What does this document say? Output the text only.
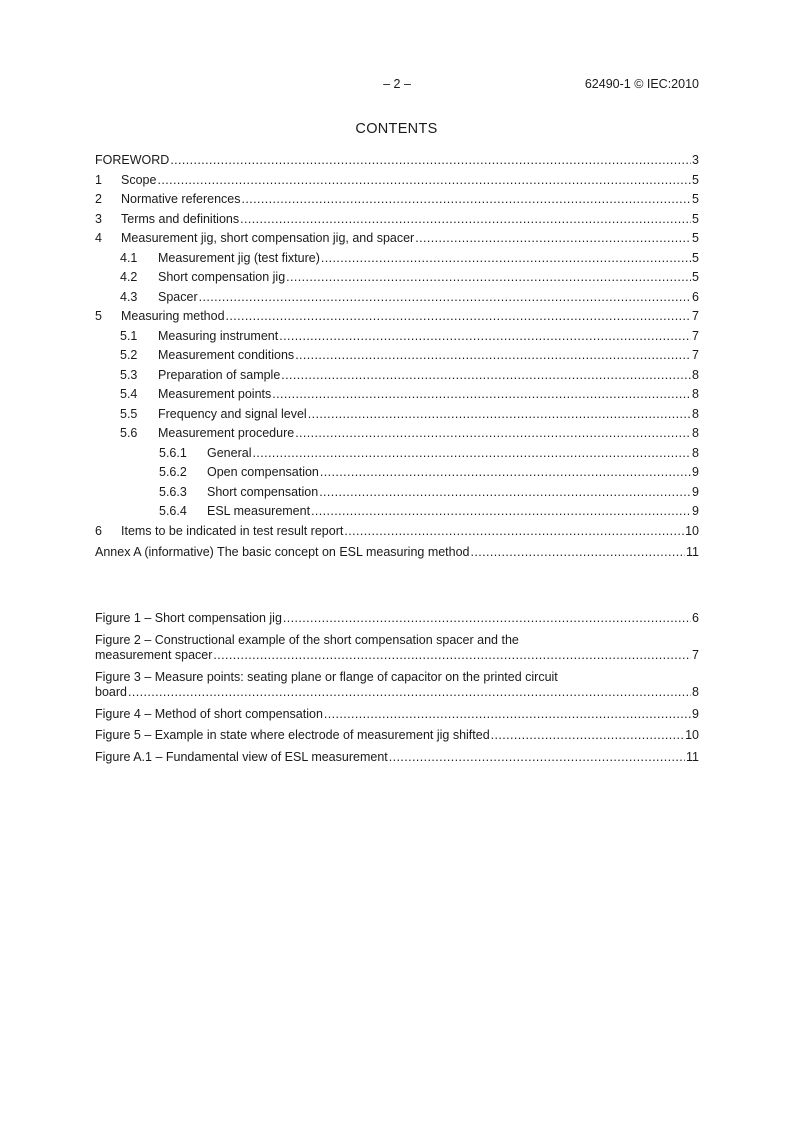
– 2 –	62490-1 © IEC:2010
CONTENTS
FOREWORD .....	3
1	Scope .....	5
2	Normative references .....	5
3	Terms and definitions .....	5
4	Measurement jig, short compensation jig, and spacer .....	5
4.1	Measurement jig (test fixture) .....	5
4.2	Short compensation jig .....	5
4.3	Spacer .....	6
5	Measuring method .....	7
5.1	Measuring instrument .....	7
5.2	Measurement conditions .....	7
5.3	Preparation of sample .....	8
5.4	Measurement points .....	8
5.5	Frequency and signal level .....	8
5.6	Measurement procedure .....	8
5.6.1	General .....	8
5.6.2	Open compensation .....	9
5.6.3	Short compensation .....	9
5.6.4	ESL measurement .....	9
6	Items to be indicated in test result report .....	10
Annex A (informative) The basic concept on ESL measuring method .....	11
Figure 1 – Short compensation jig .....	6
Figure 2 – Constructional example of the short compensation spacer and the
measurement spacer .....	7
Figure 3 – Measure points: seating plane or flange of capacitor on the printed circuit
board .....	8
Figure 4 – Method of short compensation .....	9
Figure 5 – Example in state where electrode of measurement jig shifted .....	10
Figure A.1 – Fundamental view of ESL measurement .....	11
